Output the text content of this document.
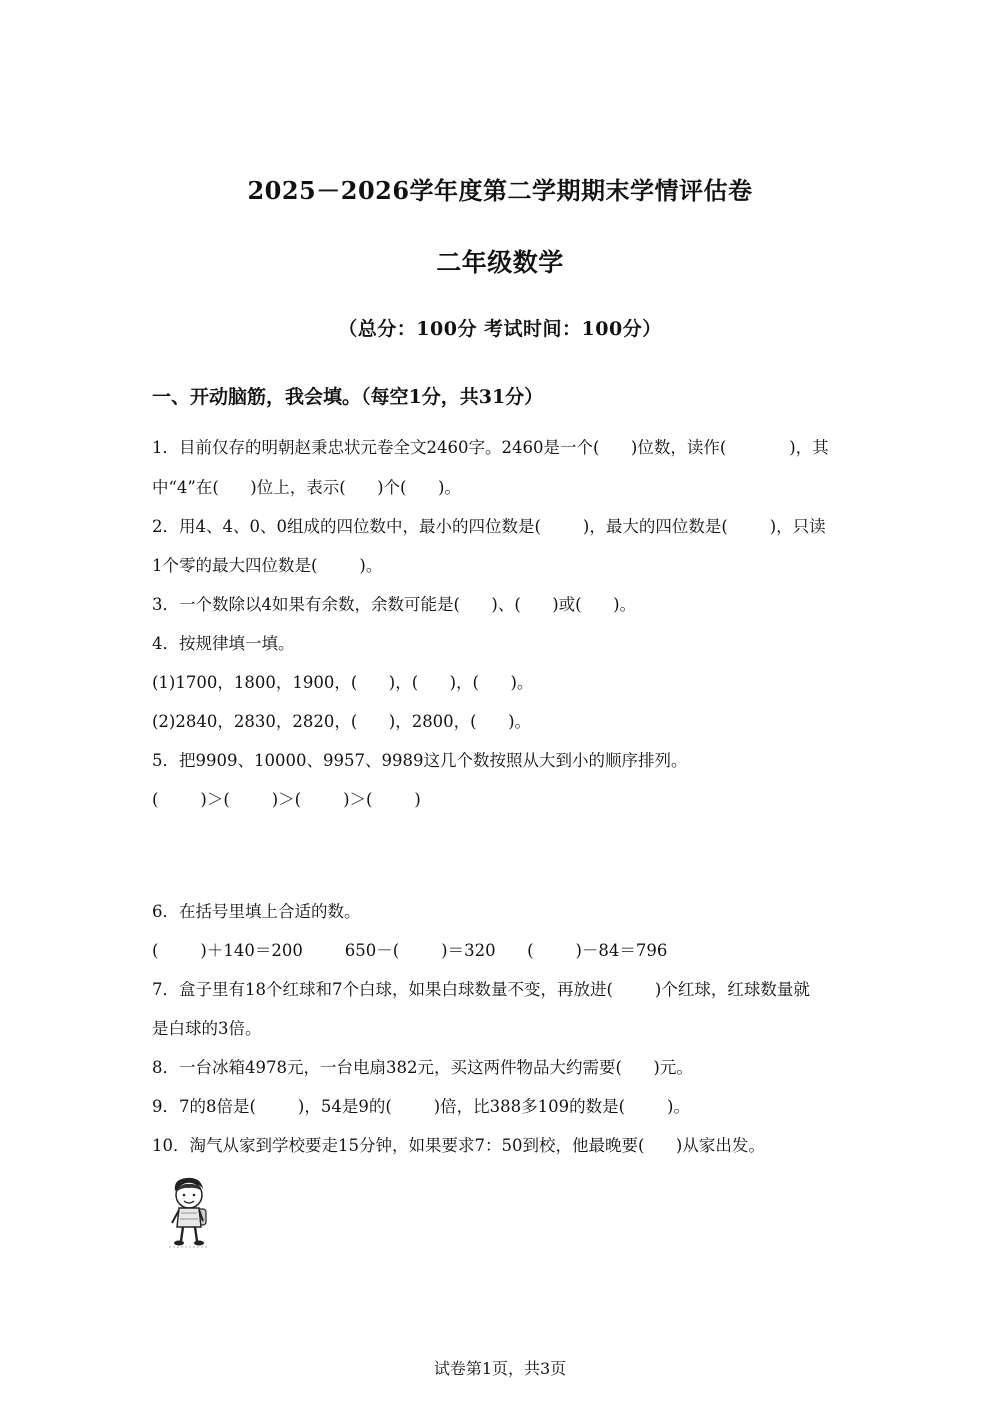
2025－2026学年度第二学期期末学情评估卷
二年级数学
（总分：100分 考试时间：100分）
一、开动脑筋，我会填。（每空1分，共31分）
1．目前仅存的明朝赵秉忠状元卷全文2460字。2460是一个(      )位数，读作(            )，其
中“4”在(      )位上，表示(      )个(      )。
2．用4、4、0、0组成的四位数中，最小的四位数是(        )，最大的四位数是(        )，只读
1个零的最大四位数是(        )。
3．一个数除以4如果有余数，余数可能是(      )、(      )或(      )。
4．按规律填一填。
(1)1700，1800，1900，(      )，(      )，(      )。
(2)2840，2830，2820，(      )，2800，(      )。
5．把9909、10000、9957、9989这几个数按照从大到小的顺序排列。
(        )＞(        )＞(        )＞(        )
6．在括号里填上合适的数。
(        )＋140＝200        650－(        )＝320      (        )－84＝796
7．盒子里有18个红球和7个白球，如果白球数量不变，再放进(        )个红球，红球数量就
是白球的3倍。
8．一台冰箱4978元，一台电扇382元，买这两件物品大约需要(      )元。
9．7的8倍是(        )，54是9的(        )倍，比388多109的数是(        )。
10．淘气从家到学校要走15分钟，如果要求7：50到校，他最晚要(      )从家出发。
试卷第1页，共3页
